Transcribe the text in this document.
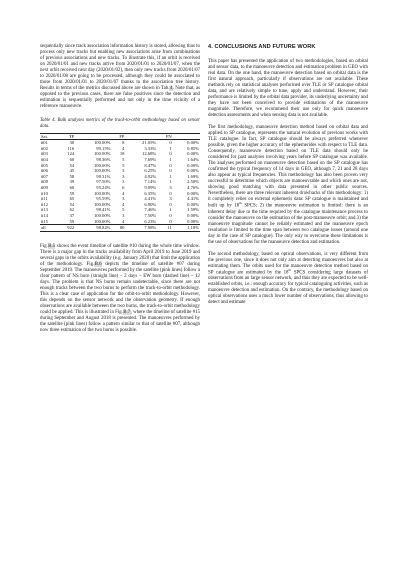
sequentially since track association information history is stored, allowing thus to process only new tracks but enabling new associations arise from combinations of previous associations and new tracks. To illustrate this, if an orbit is received on 2020/01/01 and new tracks arrive from 2020/01/01 to 2020/01/07, when the next orbit received next day (2020/01/02), then only new tracks from 2020/01/07 to 2020/01/08 are going to be processed, although they could be associated to those from 2020/01/01 to 2020/01/07 thanks to the association tree history. Results in terms of the metrics discussed above are shown in Tab.4. Note that, as opposed to the previous cases, there are false positives since the detection and estimation is sequentially performed and not only in the time vicinity of a reference manoeuvre.

Table 4. Bulk analyses metrics of the track-to-orbit methodology based on sensor data.

Sat.	TP		FP		FN	
#01	30	100.00%	8	21.05%	0	0.00%
#02	116	99.15%	4	3.33%	1	0.85%
#03	124	100.00%	18	12.68%	0	0.00%
#04	60	98.36%	5	7.69%	1	1.64%
#05	54	100.00%	5	8.47%	0	0.00%
#06	45	100.00%	3	6.25%	0	0.00%
#07	58	98.31%	3	4.92%	1	1.69%
#08	39	97.50%	3	7.14%	1	2.50%
#09	60	95.24%	6	9.09%	3	4.76%
#10	59	100.00%	4	6.35%	0	0.00%
#11	65	95.59%	3	4.41%	3	4.41%
#12	54	100.00%	4	6.90%	0	0.00%
#13	62	98.41%	5	7.46%	1	1.59%
#14	37	100.00%	3	7.50%	0	0.00%
#15	59	100.00%	4	6.23%	0	0.00%
all	922	98.82%	80	7.98%	11	1.18%

Fig.B.5 shows the event timeline of satellite #10 during the whole time window. There is a major gap in the tracks availability from April 2019 to June 2019 and several gaps in the orbits availability (e.g. January 2020) that limit the application of the methodology. Fig.B.6 depicts the timeline of satellite #07 during September 2019. The manoeuvres performed by the satellite (pink lines) follow a clear pattern of NS burn (straight line) – 2 days – EW burn (dashed line) – 12 days. The problem is that NS burns remain undetectable, since there are not enough tracks between the two burns to perform the track-to-orbit methodology. This is a clear case of application for the orbit-to-orbit methodology. However, this depends on the sensor network and the observation geometry. If enough observations are available between the two burns, the track-to-orbit methodology could be applied. This is illustrated in Fig.B.7, where the timeline of satellite #15 during September and August 2018 is presented. The manoeuvres performed by the satellite (pink lines) follow a pattern similar to that of satellite #07, although now three estimation of the two burns is possible.

4. CONCLUSIONS AND FUTURE WORK

This paper has presented the application of two methodologies, based on orbital and sensor data, to the manoeuvre detection and estimation problem in GEO with real data. On the one hand, the manoeuvre detection based on orbital data is the first natural approach, particularly if observations are not available. These methods rely on statistical analyses performed over TLE or SP catalogue orbital data, and are relatively simple to tune, apply and understand. However, their performance is limited by the orbital data provider, its underlying uncertainty and they have not been conceived to provide estimations of the manoeuvre magnitude. Therefore, we recommend their use only for quick manoeuvre detection assessments and when sensing data is not available.

The first methodology, manoeuvre detection method based on orbital data and applied to SP catalogue, represents the natural evolution of previous works with TLE catalogue. In fact, SP catalogue should be always preferred whenever possible, given the higher accuracy of the ephemerides with respect to TLE data. Consequently, manoeuvre detection based on TLE data should only be considered for past analyses involving years before SP catalogue was available. The analyses performed on manoeuvre detection based on the SP catalogue has confirmed the typical frequency of 14 days in GEO, although 7, 21 and 28 days also appear as typical frequencies. This methodology has also been proven very successful to determine which objects are manoeuvrable and which ones are not, showing good matching with data presented in other public sources. Nevertheless, there are three relevant inherent drawbacks of this methodology: 1) it completely relies on external ephemeris data: SP catalogue is maintained and built up by 18th SPCS; 2) the manoeuvre estimation is limited: there is an inherent delay due to the time required by the catalogue maintenance process to consider the manoeuvre on the estimation of the post-manoeuvre orbit; and 3) the manoeuvre magnitude cannot be reliably estimated and the manoeuvre epoch resolution is limited to the time span between two catalogue issues (around one day in the case of SP catalogue). The only way to overcome these limitations is the use of observations for the manoeuvre detection and estimation.

The second methodology, based on optical observations, is very different from the previous one, since it does not only aim at detecting manoeuvres but also at estimating them. The orbits used for the manoeuvre detection method based on SP catalogue are estimated by the 18th SPCS considering large datasets of observations from an large sensor network, and thus they are expected to be well-established orbits, i.e.: enough accuracy for typical cataloguing activities, such as manoeuvre detection and estimation. On the contrary, the methodology based on optical observations uses a much lower number of observations, thus allowing to detect and estimate
